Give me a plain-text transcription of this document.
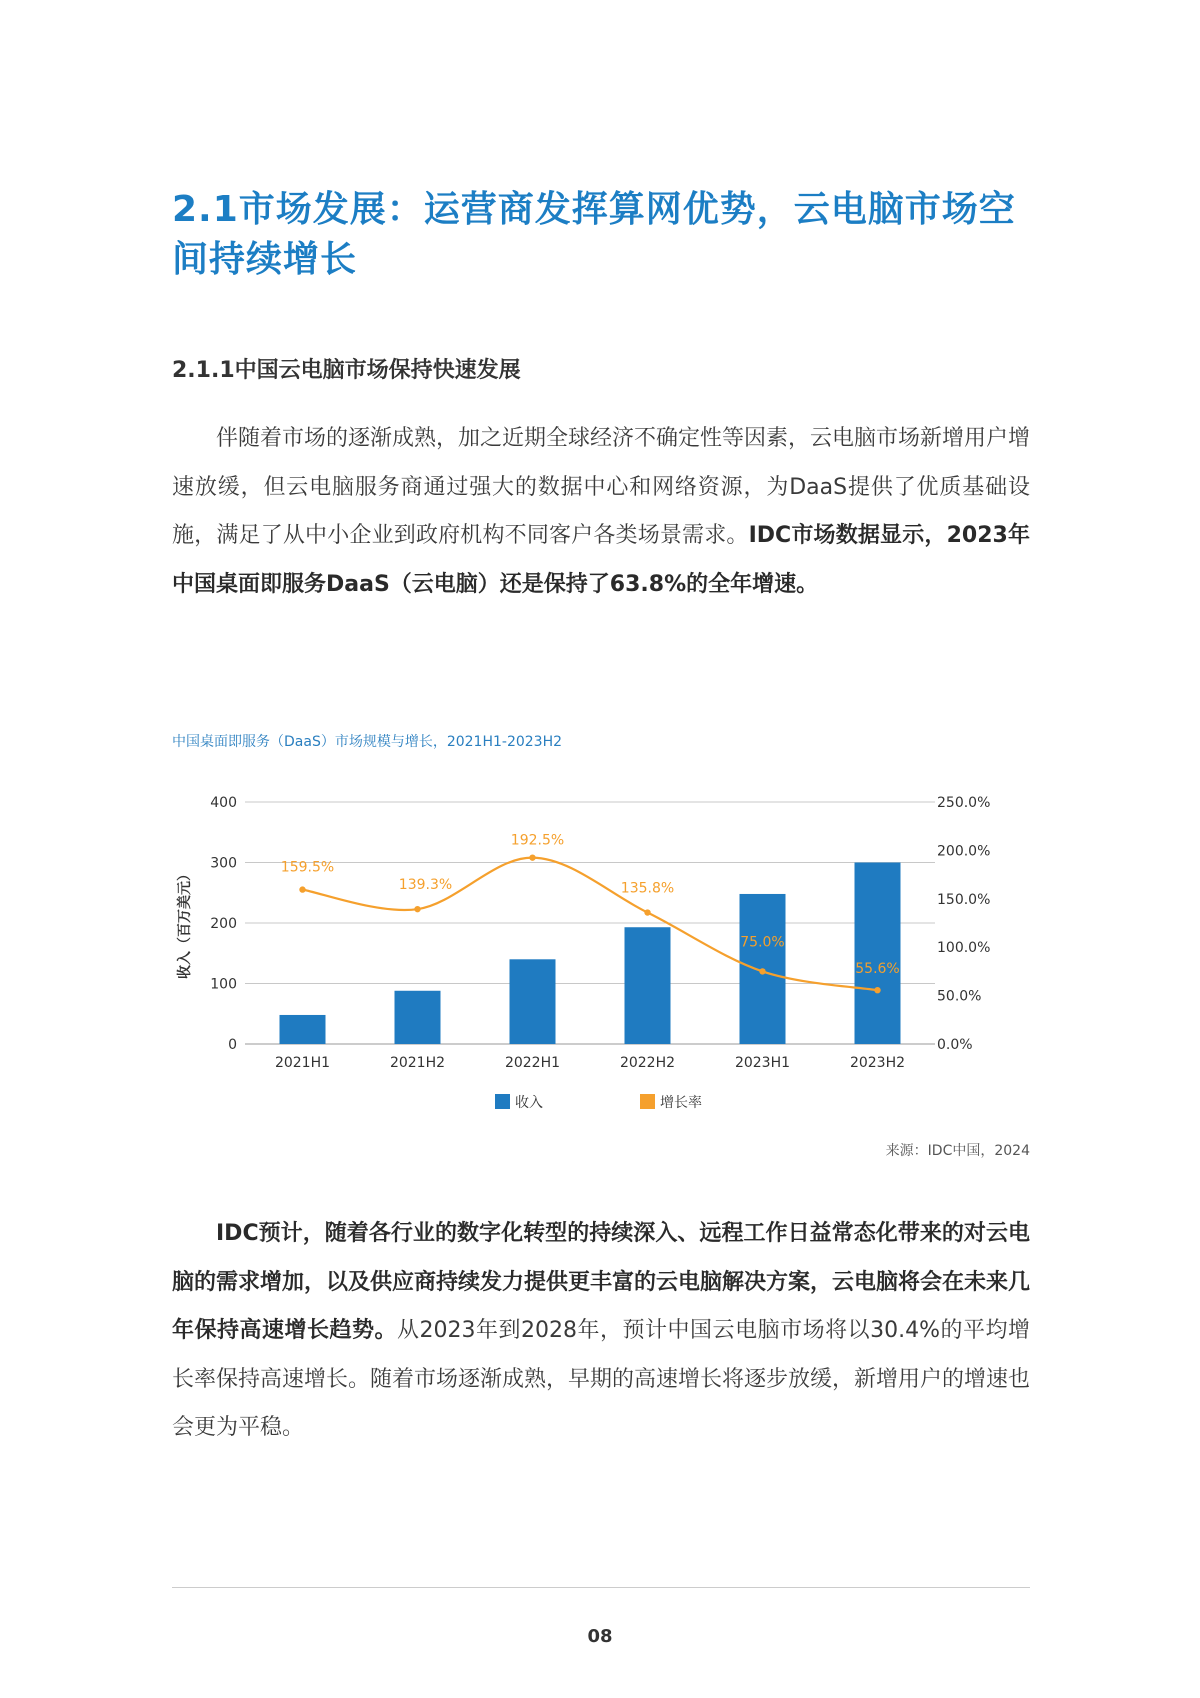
2.1市场发展：运营商发挥算网优势，云电脑市场空间持续增长
2.1.1中国云电脑市场保持快速发展

伴随着市场的逐渐成熟，加之近期全球经济不确定性等因素，云电脑市场新增用户增速放缓，但云电脑服务商通过强大的数据中心和网络资源，为DaaS提供了优质基础设施，满足了从中小企业到政府机构不同客户各类场景需求。IDC市场数据显示，2023年中国桌面即服务DaaS（云电脑）还是保持了63.8%的全年增速。

中国桌面即服务（DaaS）市场规模与增长，2021H1-2023H2
0
100
200
300
400
0.0%
50.0%
100.0%
150.0%
200.0%
250.0%
收入（百万美元）
2021H1	2021H2	2022H1	2022H2	2023H1	2023H2
159.5%
139.3%
192.5%
135.8%
75.0%
55.6%
收入	增长率
来源：IDC中国，2024

IDC预计，随着各行业的数字化转型的持续深入、远程工作日益常态化带来的对云电脑的需求增加，以及供应商持续发力提供更丰富的云电脑解决方案，云电脑将会在未来几年保持高速增长趋势。从2023年到2028年，预计中国云电脑市场将以30.4%的平均增长率保持高速增长。随着市场逐渐成熟，早期的高速增长将逐步放缓，新增用户的增速也会更为平稳。

08
